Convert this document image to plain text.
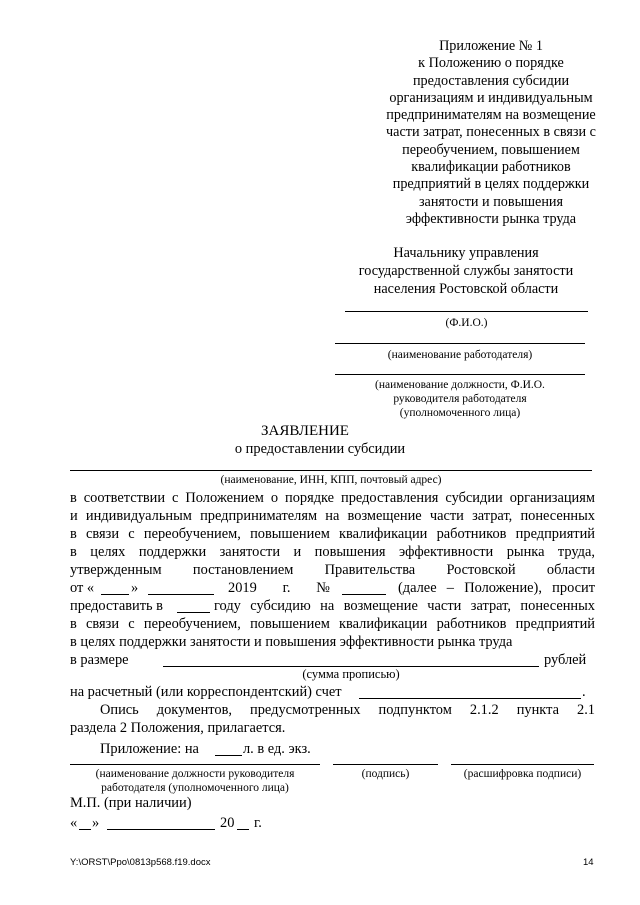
Приложение № 1
к Положению о порядке
предоставления субсидии
организациям и индивидуальным
предпринимателям на возмещение
части затрат, понесенных в связи с
переобучением, повышением
квалификации работников
предприятий в целях поддержки
занятости и повышения
эффективности рынка труда
Начальнику управления
государственной службы занятости
населения Ростовской области
(Ф.И.О.)
(наименование работодателя)
(наименование должности, Ф.И.О.
руководителя работодателя
(уполномоченного лица)
ЗАЯВЛЕНИЕ
о предоставлении субсидии
(наименование, ИНН, КПП, почтовый адрес)
в соответствии с Положением о порядке предоставления субсидии организациям
и индивидуальным предпринимателям на возмещение части затрат, понесенных
в связи с переобучением, повышением квалификации работников предприятий
в целях поддержки занятости и повышения эффективности рынка труда,
утвержденным постановлением Правительства Ростовской области
от «	»	2019 г. №	(далее – Положение), просит
предоставить в	году субсидию на возмещение части затрат, понесенных
в связи с переобучением, повышением квалификации работников предприятий
в целях поддержки занятости и повышения эффективности рынка труда
в размере	рублей
(сумма прописью)
на расчетный (или корреспондентский) счет	.
Опись документов, предусмотренных подпунктом 2.1.2 пункта 2.1
раздела 2 Положения, прилагается.
Приложение: на	л. в ед. экз.
(наименование должности руководителя
работодателя (уполномоченного лица)
(подпись)	(расшифровка подписи)
М.П. (при наличии)
« »	20 г.
Y:\ORST\Ppo\0813p568.f19.docx	14
